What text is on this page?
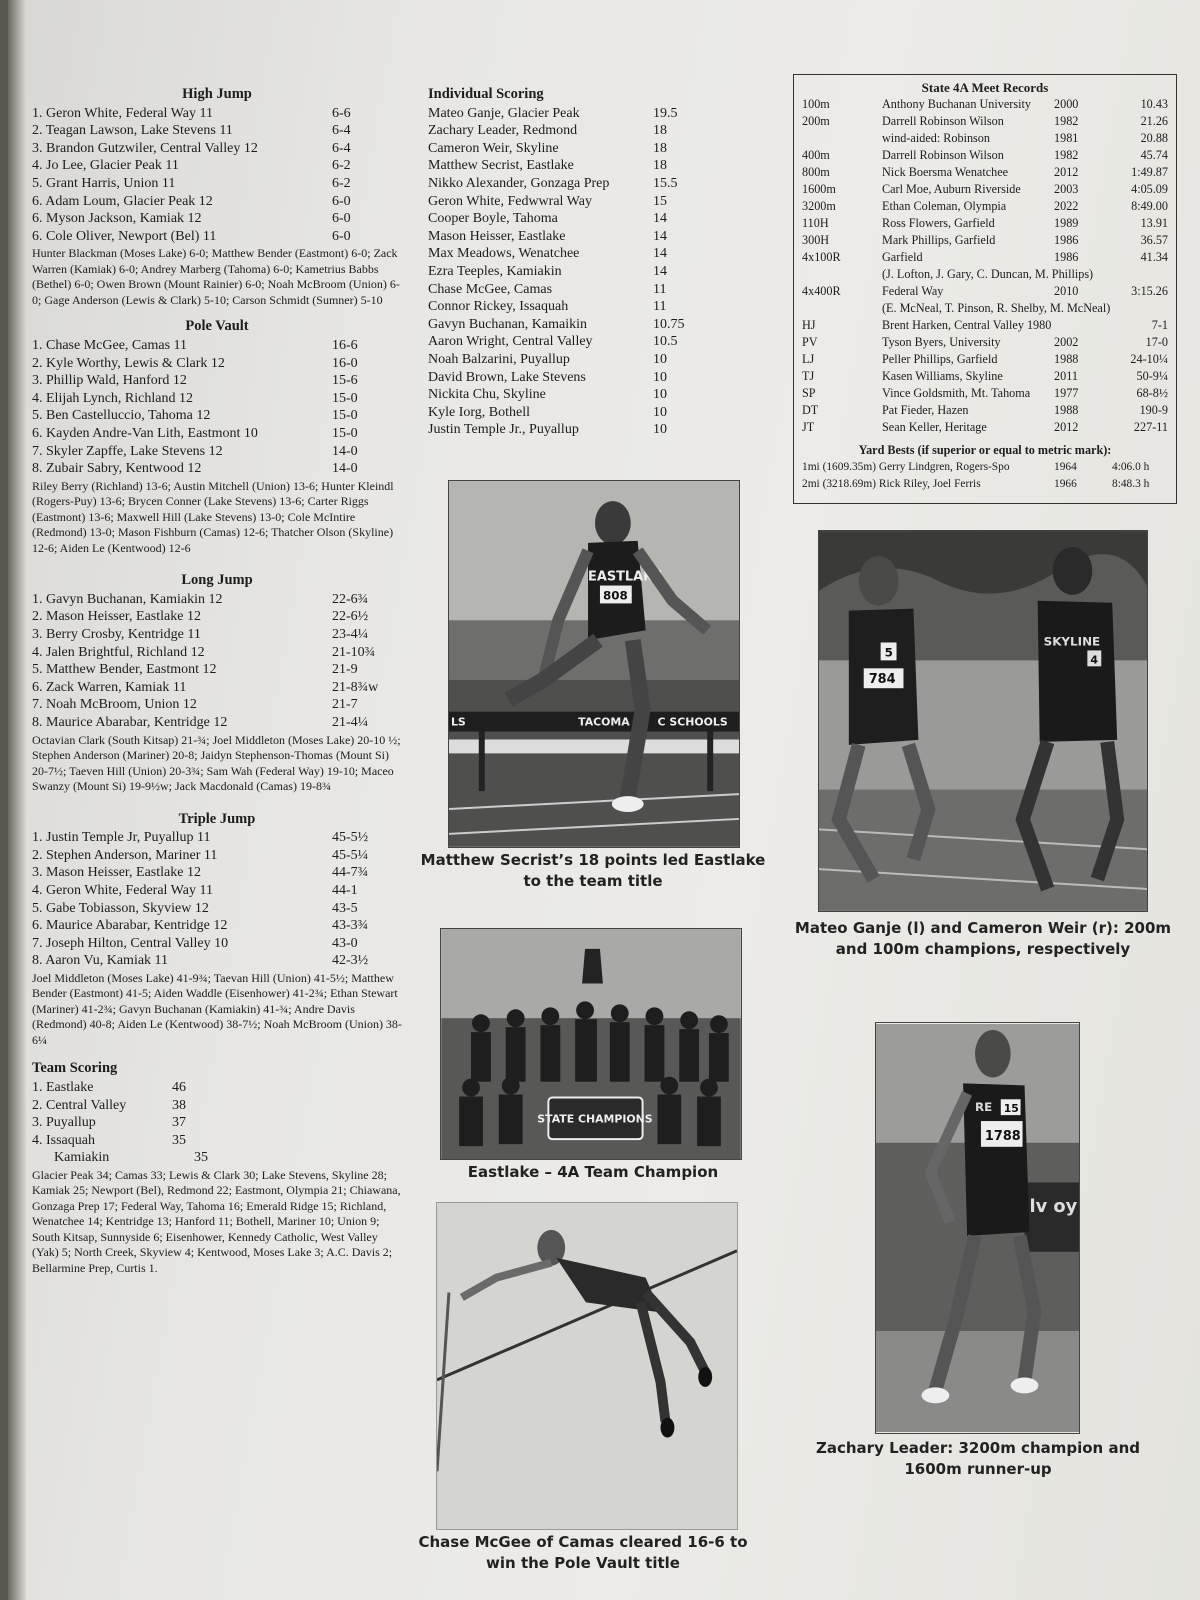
High Jump
1. Geron White, Federal Way 11	6-6
2. Teagan Lawson, Lake Stevens 11	6-4
3. Brandon Gutzwiler, Central Valley 12	6-4
4. Jo Lee, Glacier Peak 11	6-2
5. Grant Harris, Union 11	6-2
6. Adam Loum, Glacier Peak 12	6-0
6. Myson Jackson, Kamiak 12	6-0
6. Cole Oliver, Newport (Bel) 11	6-0
Hunter Blackman (Moses Lake) 6-0; Matthew Bender (Eastmont) 6-0; Zack Warren (Kamiak) 6-0; Andrey Marberg (Tahoma) 6-0; Kametrius Babbs (Bethel) 6-0; Owen Brown (Mount Rainier) 6-0; Noah McBroom (Union) 6-0; Gage Anderson (Lewis & Clark) 5-10; Carson Schmidt (Sumner) 5-10
Pole Vault
1. Chase McGee, Camas 11	16-6
2. Kyle Worthy, Lewis & Clark 12	16-0
3. Phillip Wald, Hanford 12	15-6
4. Elijah Lynch, Richland 12	15-0
5. Ben Castelluccio, Tahoma 12	15-0
6. Kayden Andre-Van Lith, Eastmont 10	15-0
7. Skyler Zapffe, Lake Stevens 12	14-0
8. Zubair Sabry, Kentwood 12	14-0
Riley Berry (Richland) 13-6; Austin Mitchell (Union) 13-6; Hunter Kleindl (Rogers-Puy) 13-6; Brycen Conner (Lake Stevens) 13-6; Carter Riggs (Eastmont) 13-6; Maxwell Hill (Lake Stevens) 13-0; Cole McIntire (Redmond) 13-0; Mason Fishburn (Camas) 12-6; Thatcher Olson (Skyline) 12-6; Aiden Le (Kentwood) 12-6
Long Jump
1. Gavyn Buchanan, Kamiakin 12	22-6¾
2. Mason Heisser, Eastlake 12	22-6½
3. Berry Crosby, Kentridge 11	23-4¼
4. Jalen Brightful, Richland 12	21-10¾
5. Matthew Bender, Eastmont 12	21-9
6. Zack Warren, Kamiak 11	21-8¾w
7. Noah McBroom, Union 12	21-7
8. Maurice Abarabar, Kentridge 12	21-4¼
Octavian Clark (South Kitsap) 21-¾; Joel Middleton (Moses Lake) 20-10 ½; Stephen Anderson (Mariner) 20-8; Jaidyn Stephenson-Thomas (Mount Si) 20-7½; Taeven Hill (Union) 20-3¾; Sam Wah (Federal Way) 19-10; Maceo Swanzy (Mount Si) 19-9½w; Jack Macdonald (Camas) 19-8¾
Triple Jump
1. Justin Temple Jr, Puyallup 11	45-5½
2. Stephen Anderson, Mariner 11	45-5¼
3. Mason Heisser, Eastlake 12	44-7¾
4. Geron White, Federal Way 11	44-1
5. Gabe Tobiasson, Skyview 12	43-5
6. Maurice Abarabar, Kentridge 12	43-3¾
7. Joseph Hilton, Central Valley 10	43-0
8. Aaron Vu, Kamiak 11	42-3½
Joel Middleton (Moses Lake) 41-9¾; Taevan Hill (Union) 41-5½; Matthew Bender (Eastmont) 41-5; Aiden Waddle (Eisenhower) 41-2¾; Ethan Stewart (Mariner) 41-2¾; Gavyn Buchanan (Kamiakin) 41-¾; Andre Davis (Redmond) 40-8; Aiden Le (Kentwood) 38-7½; Noah McBroom (Union) 38-6¼
Team Scoring
1. Eastlake	46
2. Central Valley	38
3. Puyallup	37
4. Issaquah	35
Kamiakin	35
Glacier Peak 34; Camas 33; Lewis & Clark 30; Lake Stevens, Skyline 28; Kamiak 25; Newport (Bel), Redmond 22; Eastmont, Olympia 21; Chiawana, Gonzaga Prep 17; Federal Way, Tahoma 16; Emerald Ridge 15; Richland, Wenatchee 14; Kentridge 13; Hanford 11; Bothell, Mariner 10; Union 9; South Kitsap, Sunnyside 6; Eisenhower, Kennedy Catholic, West Valley (Yak) 5; North Creek, Skyview 4; Kentwood, Moses Lake 3; A.C. Davis 2; Bellarmine Prep, Curtis 1.
Individual Scoring
Mateo Ganje, Glacier Peak	19.5
Zachary Leader, Redmond	18
Cameron Weir, Skyline	18
Matthew Secrist, Eastlake	18
Nikko Alexander, Gonzaga Prep	15.5
Geron White, Fedwwral Way	15
Cooper Boyle, Tahoma	14
Mason Heisser, Eastlake	14
Max Meadows, Wenatchee	14
Ezra Teeples, Kamiakin	14
Chase McGee, Camas	11
Connor Rickey, Issaquah	11
Gavyn Buchanan, Kamaikin	10.75
Aaron Wright, Central Valley	10.5
Noah Balzarini, Puyallup	10
David Brown, Lake Stevens	10
Nickita Chu, Skyline	10
Kyle Iorg, Bothell	10
Justin Temple Jr., Puyallup	10
State 4A Meet Records
100m	Anthony Buchanan University	2000	10.43
200m	Darrell Robinson Wilson	1982	21.26
wind-aided: Robinson	1981	20.88
400m	Darrell Robinson Wilson	1982	45.74
800m	Nick Boersma Wenatchee	2012	1:49.87
1600m	Carl Moe, Auburn Riverside	2003	4:05.09
3200m	Ethan Coleman, Olympia	2022	8:49.00
110H	Ross Flowers, Garfield	1989	13.91
300H	Mark Phillips, Garfield	1986	36.57
4x100R	Garfield	1986	41.34
(J. Lofton, J. Gary, C. Duncan, M. Phillips)
4x400R	Federal Way	2010	3:15.26
(E. McNeal, T. Pinson, R. Shelby, M. McNeal)
HJ	Brent Harken, Central Valley 1980	7-1
PV	Tyson Byers, University	2002	17-0
LJ	Peller Phillips, Garfield	1988	24-10¼
TJ	Kasen Williams, Skyline	2011	50-9¼
SP	Vince Goldsmith, Mt. Tahoma	1977	68-8½
DT	Pat Fieder, Hazen	1988	190-9
JT	Sean Keller, Heritage	2012	227-11
Yard Bests (if superior or equal to metric mark):
1mi (1609.35m) Gerry Lindgren, Rogers-Spo	1964	4:06.0 h
2mi (3218.69m) Rick Riley, Joel Ferris	1966	8:48.3 h
TACOMA	C SCHOOLS
LS
EASTLAKE
808
Matthew Secrist’s 18 points led Eastlake to the team title
5
784
SKYLINE
4
Mateo Ganje (l) and Cameron Weir (r): 200m and 100m champions, respectively
STATE CHAMPIONS
Eastlake – 4A Team Champion
Chase McGee of Camas cleared 16-6 to win the Pole Vault title
lv oy
RE 15
1788
Zachary Leader: 3200m champion and 1600m runner-up
